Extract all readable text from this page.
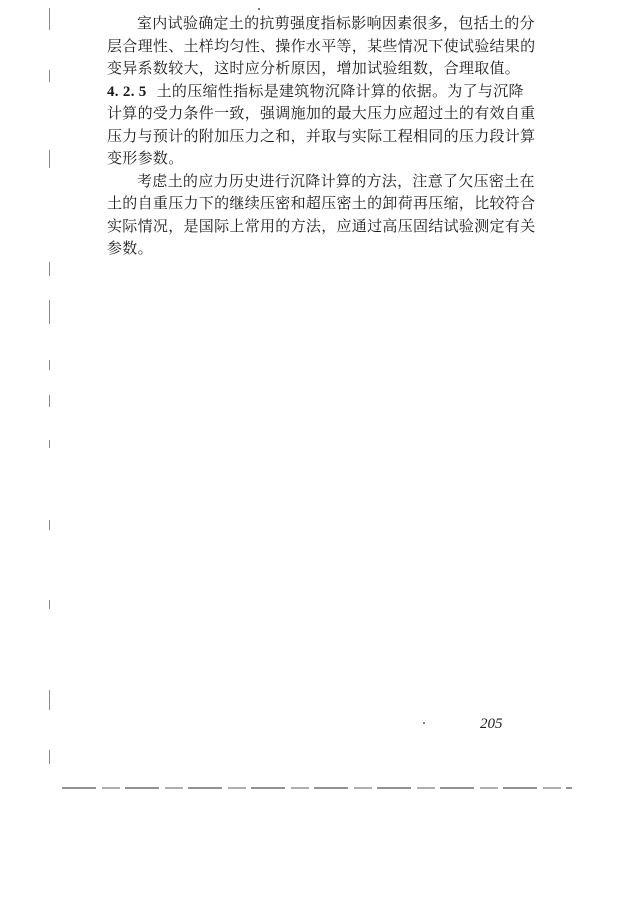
室内试验确定土的抗剪强度指标影响因素很多，包括土的分
层合理性、土样均匀性、操作水平等，某些情况下使试验结果的
变异系数较大，这时应分析原因，增加试验组数，合理取值。
4. 2. 5 土的压缩性指标是建筑物沉降计算的依据。为了与沉降
计算的受力条件一致，强调施加的最大压力应超过土的有效自重
压力与预计的附加压力之和，并取与实际工程相同的压力段计算
变形参数。
考虑土的应力历史进行沉降计算的方法，注意了欠压密土在
土的自重压力下的继续压密和超压密土的卸荷再压缩，比较符合
实际情况，是国际上常用的方法，应通过高压固结试验测定有关
参数。
205
